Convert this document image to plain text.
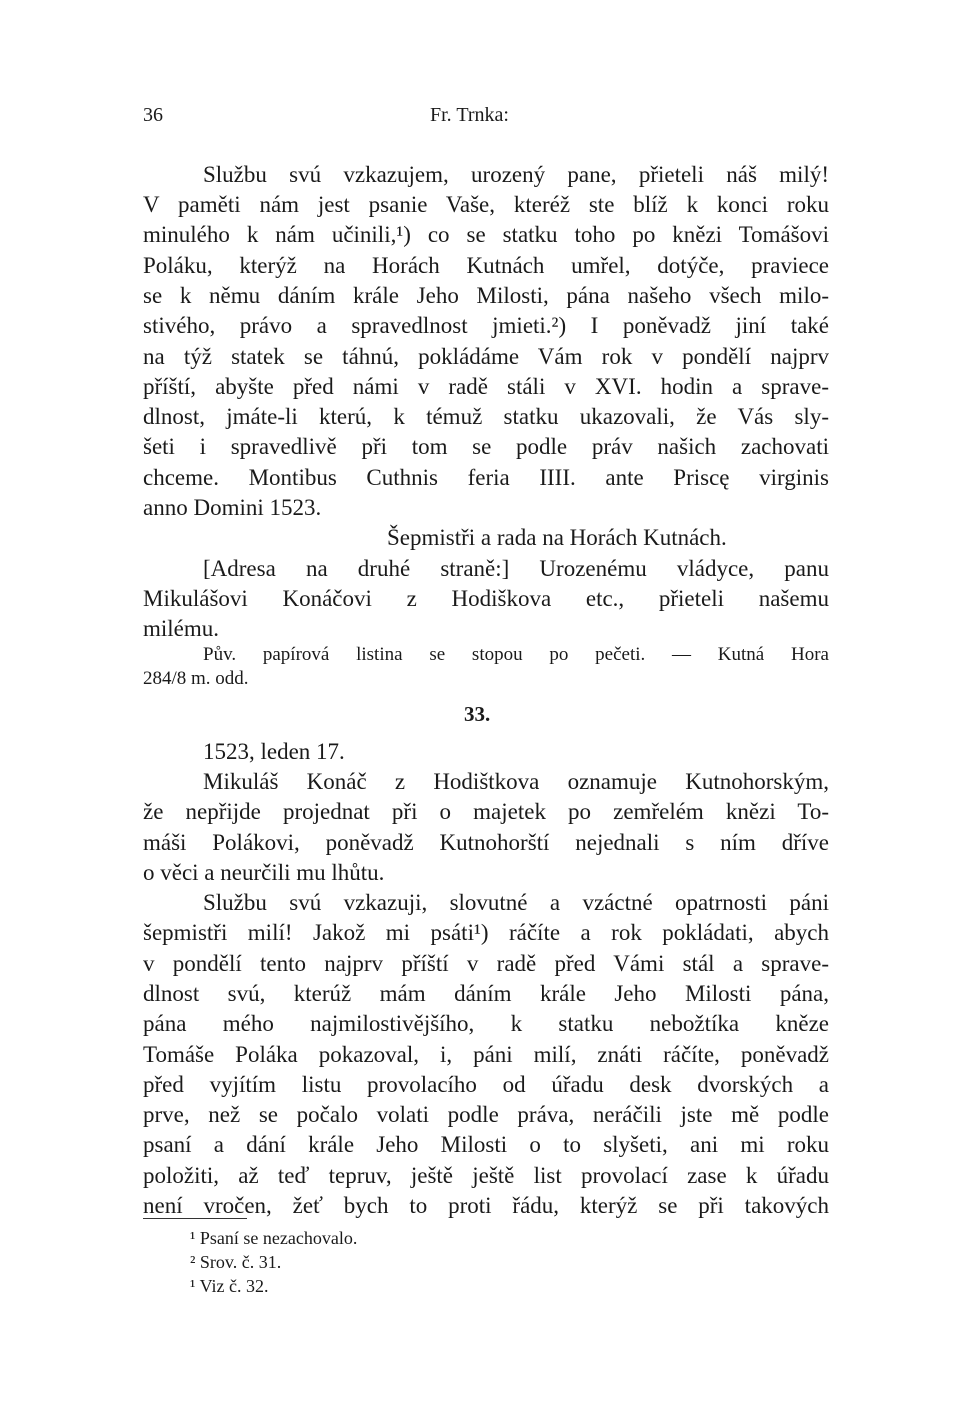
36	Fr. Trnka:
Službu svú vzkazujem, urozený pane, přieteli náš milý!
V paměti nám jest psanie Vaše, kteréž ste blíž k konci roku
minulého k nám učinili,¹) co se statku toho po knězi Tomášovi
Poláku, kterýž na Horách Kutnách umřel, dotýče, praviece
se k němu dáním krále Jeho Milosti, pána našeho všech milo-
stivého, právo a spravedlnost jmieti.²) I poněvadž jiní také
na týž statek se táhnú, pokládáme Vám rok v pondělí najprv
příští, abyšte před námi v radě stáli v XVI. hodin a sprave-
dlnost, jmáte-li kterú, k témuž statku ukazovali, že Vás sly-
šeti i spravedlivě při tom se podle práv našich zachovati
chceme. Montibus Cuthnis feria IIII. ante Priscę virginis
anno Domini 1523.
Šepmistři a rada na Horách Kutnách.
[Adresa na druhé straně:] Urozenému vládyce, panu
Mikulášovi Konáčovi z Hodiškova etc., přieteli našemu
milému.
Pův. papírová listina se stopou po pečeti. — Kutná Hora
284/8 m. odd.
33.
1523, leden 17.
Mikuláš Konáč z Hodištkova oznamuje Kutnohorským,
že nepřijde projednat při o majetek po zemřelém knězi To-
máši Polákovi, poněvadž Kutnohorští nejednali s ním dříve
o věci a neurčili mu lhůtu.
Službu svú vzkazuji, slovutné a vzáctné opatrnosti páni
šepmistři milí! Jakož mi psáti¹) ráčíte a rok pokládati, abych
v pondělí tento najprv příští v radě před Vámi stál a sprave-
dlnost svú, kterúž mám dáním krále Jeho Milosti pána,
pána mého najmilostivějšího, k statku nebožtíka kněze
Tomáše Poláka pokazoval, i, páni milí, znáti ráčíte, poněvadž
před vyjítím listu provolacího od úřadu desk dvorských a
prve, než se počalo volati podle práva, neráčili jste mě podle
psaní a dání krále Jeho Milosti o to slyšeti, ani mi roku
položiti, až teď tepruv, ještě ještě list provolací zase k úřadu
není vročen, žeť bych to proti řádu, kterýž se při takových
¹ Psaní se nezachovalo.
² Srov. č. 31.
¹ Viz č. 32.
